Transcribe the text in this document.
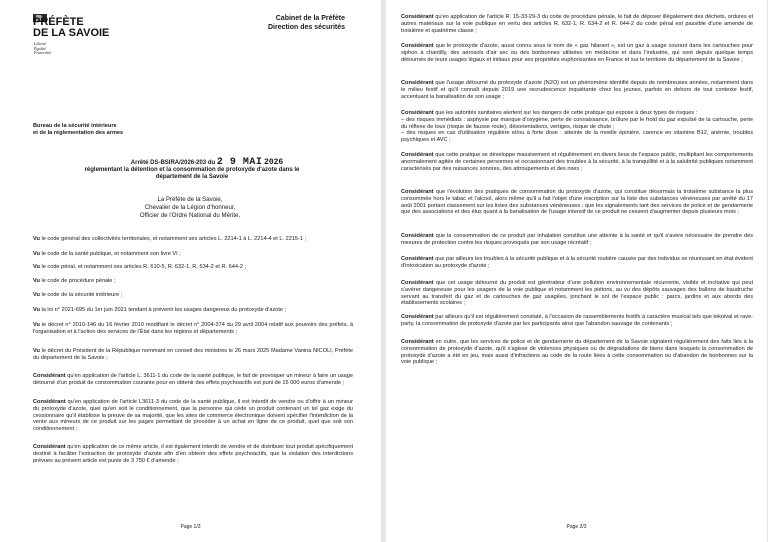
PRÉFÈTE
DE LA SAVOIE
Liberté
Égalité
Fraternité
Cabinet de la Préfète
Direction des sécurités
Bureau de la sécurité intérieure
et de la réglementation des armes
Arrêté DS-BSIRA/2026-203 du 2 9 MAI 2026
réglementant la détention et la consommation de protoxyde d'azote dans le département de la Savoie
La Préfète de la Savoie,
Chevalier de la Légion d'honneur,
Officier de l'Ordre National du Mérite,
Vu le code général des collectivités territoriales, et notamment ses articles L. 2214-1 à L. 2214-4 et L. 2215-1 ;
Vu le code de la santé publique, et notamment son livre VI ;
Vu le code pénal, et notamment ses articles R. 610-5, R. 632-1, R. 634-2 et R. 644-2 ;
Vu le code de procédure pénale ;
Vu le code de la sécurité intérieure ;
Vu la loi n° 2021-695 du 1er juin 2021 tendant à prévenir les usages dangereux du protoxyde d'azote ;
Vu le décret n° 2010-146 du 16 février 2010 modifiant le décret n° 2004-374 du 29 avril 2004 relatif aux pouvoirs des préfets, à l'organisation et à l'action des services de l'État dans les régions et départements ;
Vu le décret du Président de la République nommant en conseil des ministres le 26 mars 2025 Madame Vanina NICOLI, Préfète du département de la Savoie ;
Considérant qu'en application de l'article L. 3611-1 du code de la santé publique, le fait de provoquer un mineur à faire un usage détourné d'un produit de consommation courante pour en obtenir des effets psychoactifs est puni de 15 000 euros d'amende ;
Considérant qu'en application de l'article L3611-3 du code de la santé publique, il est interdit de vendre ou d'offrir à un mineur du protoxyde d'azote, quel qu'en soit le conditionnement, que la personne qui cède un produit contenant un tel gaz exige du cessionnaire qu'il établisse la preuve de sa majorité, que les sites de commerce électronique doivent spécifier l'interdiction de la vente aux mineurs de ce produit sur les pages permettant de procéder à un achat en ligne de ce produit, quel que soit son conditionnement ;
Considérant qu'en application de ce même article, il est également interdit de vendre et de distribuer tout produit spécifiquement destiné à faciliter l'extraction de protoxyde d'azote afin d'en obtenir des effets psychoactifs, que la violation des interdictions prévues au présent article est punie de 3 750 € d'amende ;
Page 1/3
Considérant qu'en application de l'article R. 15-33-29-3 du code de procédure pénale, le fait de déposer illégalement des déchets, ordures et autres matériaux sur la voie publique en vertu des articles R. 632-1, R. 634-2 et R. 644-2 du code pénal est passible d'une amende de troisième et quatrième classe ;
Considérant que le protoxyde d'azote, aussi connu sous le nom de « gaz hilarant », est un gaz à usage courant dans les cartouches pour siphon à chantilly, des aérosols d'air sec ou des bonbonnes utilisées en médecine et dans l'industrie, qui sont depuis quelque temps détournés de leurs usages légaux et initiaux pour ses propriétés euphorisantes en France et sur le territoire du département de la Savoie ;
Considérant que l'usage détourné du protoxyde d'azote (N2O) est un phénomène identifié depuis de nombreuses années, notamment dans le milieu festif et qu'il connaît depuis 2019 une recrudescence inquiétante chez les jeunes, parfois en dehors de tout contexte festif, accentuant la banalisation de son usage ;
Considérant que les autorités sanitaires alertent sur les dangers de cette pratique qui expose à deux types de risques :
– des risques immédiats : asphyxie par manque d'oxygène, perte de connaissance, brûlure par le froid du gaz expulsé de la cartouche, perte du réflexe de toux (risque de fausse route), désorientations, vertiges, risque de chute ;
– des risques en cas d'utilisation régulière et/ou à forte dose : atteinte de la moelle épinière, carence en vitamine B12, anémie, troubles psychiques et AVC ;
Considérant que cette pratique se développe massivement et régulièrement en divers lieux de l'espace public, multipliant les comportements anormalement agités de certaines personnes et occasionnant des troubles à la sécurité, à la tranquillité et à la salubrité publiques notamment caractérisés par des nuisances sonores, des attroupements et des rixes ;
Considérant que l'évolution des pratiques de consommation du protoxyde d'azote, qui constitue désormais la troisième substance la plus consommée hors le tabac et l'alcool, alors même qu'il a fait l'objet d'une inscription sur la liste des substances vénéneuses par arrêté du 17 août 2001 portant classement sur les listes des substances vénéneuses ; que les signalements tant des services de police et de gendarmerie que des associations et des élus quant à la banalisation de l'usage intensif de ce produit ne cessent d'augmenter depuis plusieurs mois ;
Considérant que la consommation de ce produit par inhalation constitue une atteinte à la santé et qu'il s'avère nécessaire de prendre des mesures de protection contre les risques provoqués par son usage récréatif ;
Considérant que par ailleurs les troubles à la sécurité publique et à la sécurité routière causée par des individus se réunissant en état évident d'intoxication au protoxyde d'azote ;
Considérant que cet usage détourné du produit est générateur d'une pollution environnementale récurrente, visible et incitative qui peut s'avérer dangereuse pour les usagers de la voie publique et notamment les piétons, au vu des dépôts sauvages des ballons de baudruche servant au transfert du gaz et de cartouches de gaz usagées, jonchant le sol de l'espace public : parcs, jardins et aux abords des établissements scolaires ;
Considérant par ailleurs qu'il est régulièrement constaté, à l'occasion de rassemblements festifs à caractère musical tels que teknival et rave-party, la consommation de protoxyde d'azote par les participants ainsi que l'abandon sauvage de contenants ;
Considérant en outre, que les services de police et de gendarmerie du département de la Savoie signalent régulièrement des faits liés à la consommation de protoxyde d'azote, qu'il s'agisse de violences physiques ou de dégradations de biens dans lesquels la consommation de protoxyde d'azote a été en jeu, mais aussi d'infractions au code de la route liées à cette consommation ou d'abandon de bonbonnes sur la voie publique ;
Page 2/3
